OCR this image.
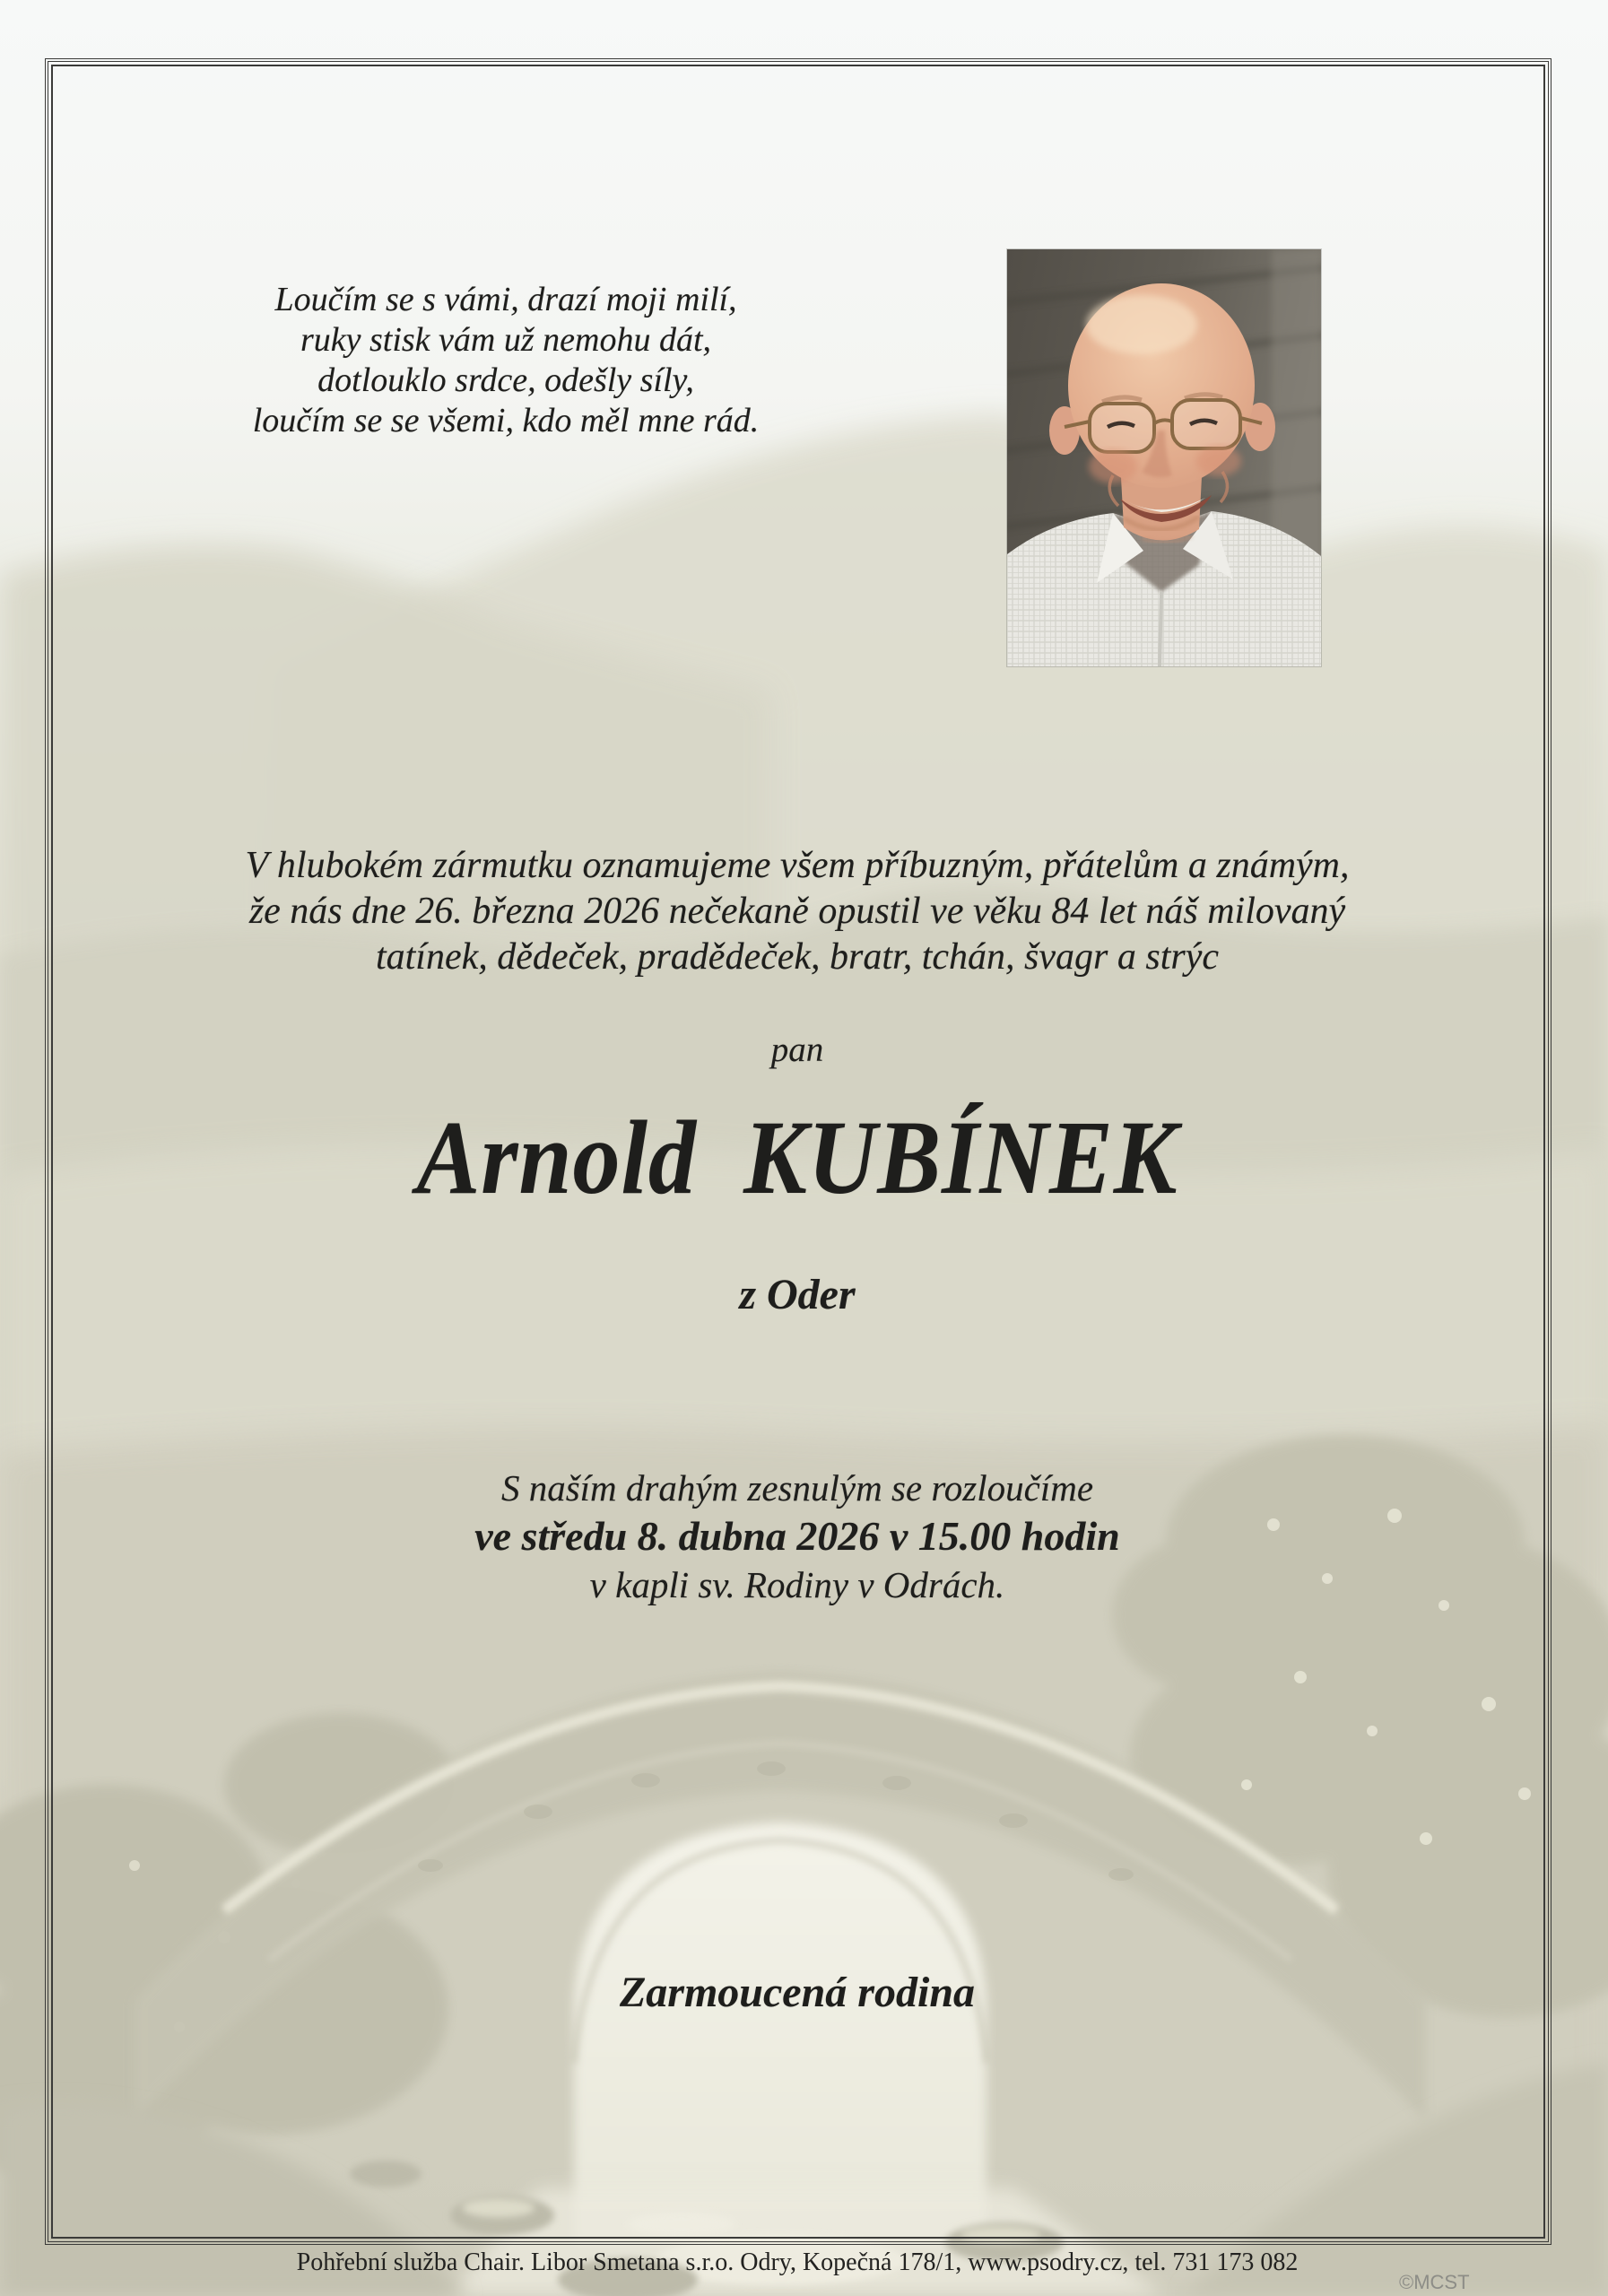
Loučím se s vámi, drazí moji milí,
ruky stisk vám už nemohu dát,
dotlouklo srdce, odešly síly,
loučím se se všemi, kdo měl mne rád.
V hlubokém zármutku oznamujeme všem příbuzným, přátelům a známým,
že nás dne 26. března 2026 nečekaně opustil ve věku 84 let náš milovaný
tatínek, dědeček, pradědeček, bratr, tchán, švagr a strýc
pan
Arnold KUBÍNEK
z Oder
S naším drahým zesnulým se rozloučíme
ve středu 8. dubna 2026 v 15.00 hodin
v kapli sv. Rodiny v Odrách.
Zarmoucená rodina
Pohřební služba Chair. Libor Smetana s.r.o. Odry, Kopečná 178/1, www.psodry.cz, tel. 731 173 082
©MCST
